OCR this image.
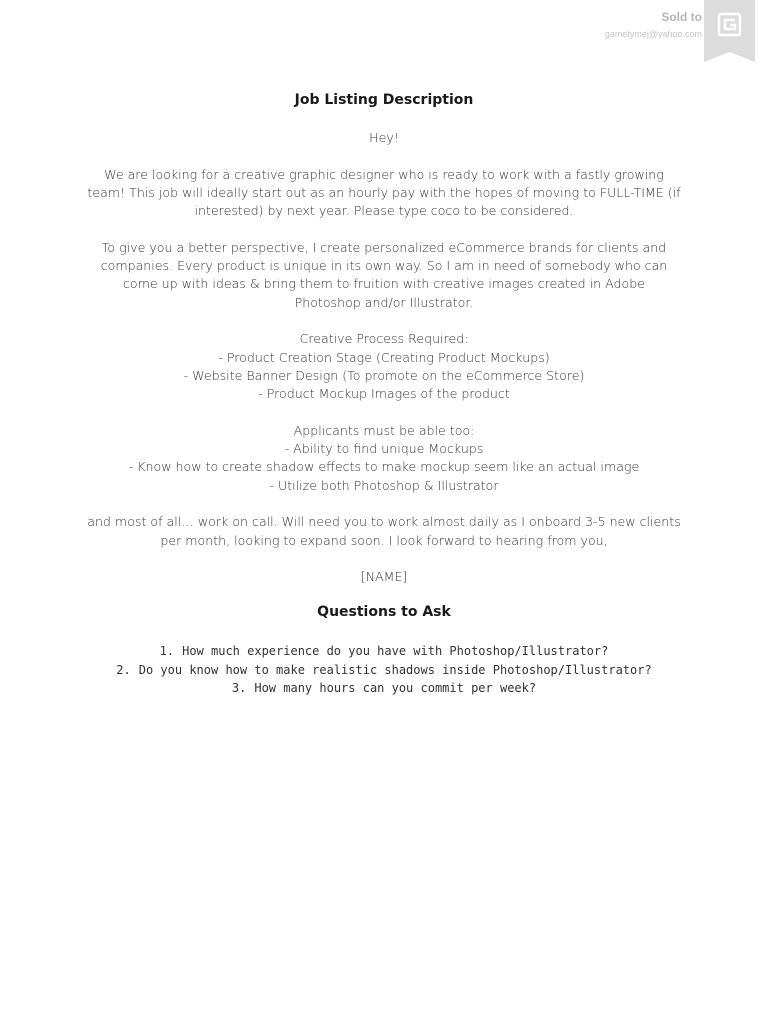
Sold to
gametymej@yahoo.com
Job Listing Description

Hey!

We are looking for a creative graphic designer who is ready to work with a fastly growing
team! This job will ideally start out as an hourly pay with the hopes of moving to FULL-TIME (if
interested) by next year. Please type coco to be considered.

To give you a better perspective, I create personalized eCommerce brands for clients and
companies. Every product is unique in its own way. So I am in need of somebody who can
come up with ideas & bring them to fruition with creative images created in Adobe
Photoshop and/or Illustrator.

Creative Process Required:
- Product Creation Stage (Creating Product Mockups)
- Website Banner Design (To promote on the eCommerce Store)
- Product Mockup Images of the product

Applicants must be able too:
- Ability to find unique Mockups
- Know how to create shadow effects to make mockup seem like an actual image
- Utilize both Photoshop & Illustrator

and most of all… work on call. Will need you to work almost daily as I onboard 3-5 new clients
per month, looking to expand soon. I look forward to hearing from you,

[NAME]

Questions to Ask
1. How much experience do you have with Photoshop/Illustrator?
2. Do you know how to make realistic shadows inside Photoshop/Illustrator?
3. How many hours can you commit per week?
